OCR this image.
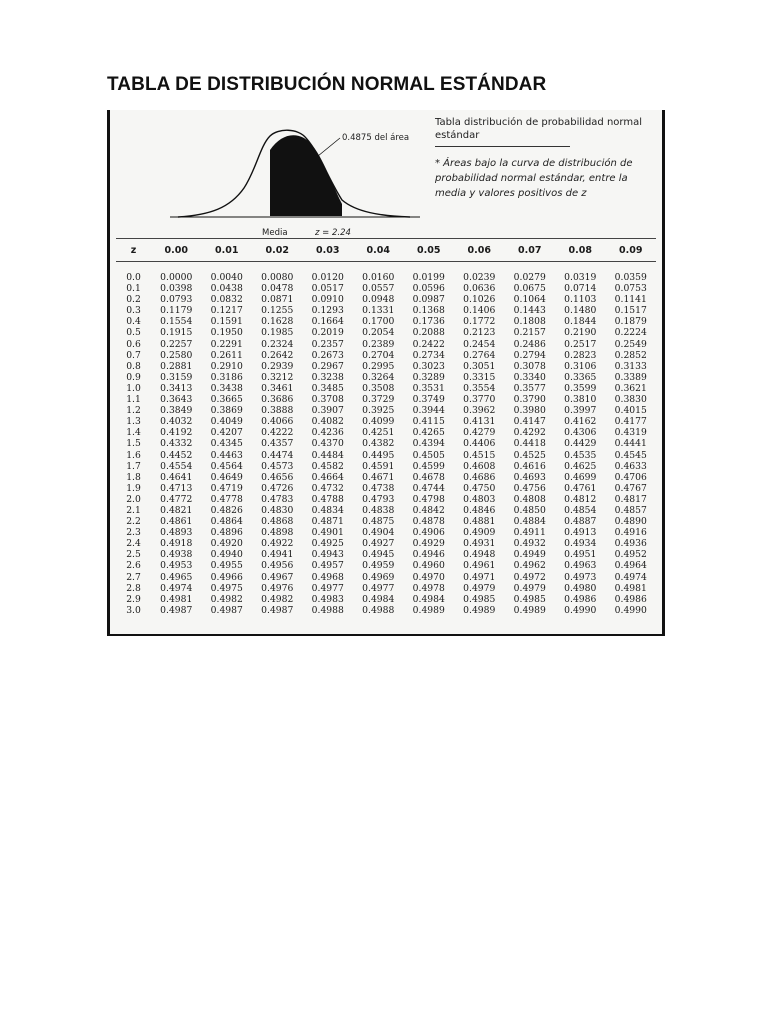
TABLA DE DISTRIBUCIÓN NORMAL ESTÁNDAR
0.4875 del área
Media	z = 2.24
Tabla distribución de probabilidad normal estándar
* Áreas bajo la curva de distribución de probabilidad normal estándar, entre la media y valores positivos de z
z	0.00	0.01	0.02	0.03	0.04	0.05	0.06	0.07	0.08	0.09
0.0	0.0000	0.0040	0.0080	0.0120	0.0160	0.0199	0.0239	0.0279	0.0319	0.0359
0.1	0.0398	0.0438	0.0478	0.0517	0.0557	0.0596	0.0636	0.0675	0.0714	0.0753
0.2	0.0793	0.0832	0.0871	0.0910	0.0948	0.0987	0.1026	0.1064	0.1103	0.1141
0.3	0.1179	0.1217	0.1255	0.1293	0.1331	0.1368	0.1406	0.1443	0.1480	0.1517
0.4	0.1554	0.1591	0.1628	0.1664	0.1700	0.1736	0.1772	0.1808	0.1844	0.1879
0.5	0.1915	0.1950	0.1985	0.2019	0.2054	0.2088	0.2123	0.2157	0.2190	0.2224
0.6	0.2257	0.2291	0.2324	0.2357	0.2389	0.2422	0.2454	0.2486	0.2517	0.2549
0.7	0.2580	0.2611	0.2642	0.2673	0.2704	0.2734	0.2764	0.2794	0.2823	0.2852
0.8	0.2881	0.2910	0.2939	0.2967	0.2995	0.3023	0.3051	0.3078	0.3106	0.3133
0.9	0.3159	0.3186	0.3212	0.3238	0.3264	0.3289	0.3315	0.3340	0.3365	0.3389
1.0	0.3413	0.3438	0.3461	0.3485	0.3508	0.3531	0.3554	0.3577	0.3599	0.3621
1.1	0.3643	0.3665	0.3686	0.3708	0.3729	0.3749	0.3770	0.3790	0.3810	0.3830
1.2	0.3849	0.3869	0.3888	0.3907	0.3925	0.3944	0.3962	0.3980	0.3997	0.4015
1.3	0.4032	0.4049	0.4066	0.4082	0.4099	0.4115	0.4131	0.4147	0.4162	0.4177
1.4	0.4192	0.4207	0.4222	0.4236	0.4251	0.4265	0.4279	0.4292	0.4306	0.4319
1.5	0.4332	0.4345	0.4357	0.4370	0.4382	0.4394	0.4406	0.4418	0.4429	0.4441
1.6	0.4452	0.4463	0.4474	0.4484	0.4495	0.4505	0.4515	0.4525	0.4535	0.4545
1.7	0.4554	0.4564	0.4573	0.4582	0.4591	0.4599	0.4608	0.4616	0.4625	0.4633
1.8	0.4641	0.4649	0.4656	0.4664	0.4671	0.4678	0.4686	0.4693	0.4699	0.4706
1.9	0.4713	0.4719	0.4726	0.4732	0.4738	0.4744	0.4750	0.4756	0.4761	0.4767
2.0	0.4772	0.4778	0.4783	0.4788	0.4793	0.4798	0.4803	0.4808	0.4812	0.4817
2.1	0.4821	0.4826	0.4830	0.4834	0.4838	0.4842	0.4846	0.4850	0.4854	0.4857
2.2	0.4861	0.4864	0.4868	0.4871	0.4875	0.4878	0.4881	0.4884	0.4887	0.4890
2.3	0.4893	0.4896	0.4898	0.4901	0.4904	0.4906	0.4909	0.4911	0.4913	0.4916
2.4	0.4918	0.4920	0.4922	0.4925	0.4927	0.4929	0.4931	0.4932	0.4934	0.4936
2.5	0.4938	0.4940	0.4941	0.4943	0.4945	0.4946	0.4948	0.4949	0.4951	0.4952
2.6	0.4953	0.4955	0.4956	0.4957	0.4959	0.4960	0.4961	0.4962	0.4963	0.4964
2.7	0.4965	0.4966	0.4967	0.4968	0.4969	0.4970	0.4971	0.4972	0.4973	0.4974
2.8	0.4974	0.4975	0.4976	0.4977	0.4977	0.4978	0.4979	0.4979	0.4980	0.4981
2.9	0.4981	0.4982	0.4982	0.4983	0.4984	0.4984	0.4985	0.4985	0.4986	0.4986
3.0	0.4987	0.4987	0.4987	0.4988	0.4988	0.4989	0.4989	0.4989	0.4990	0.4990
